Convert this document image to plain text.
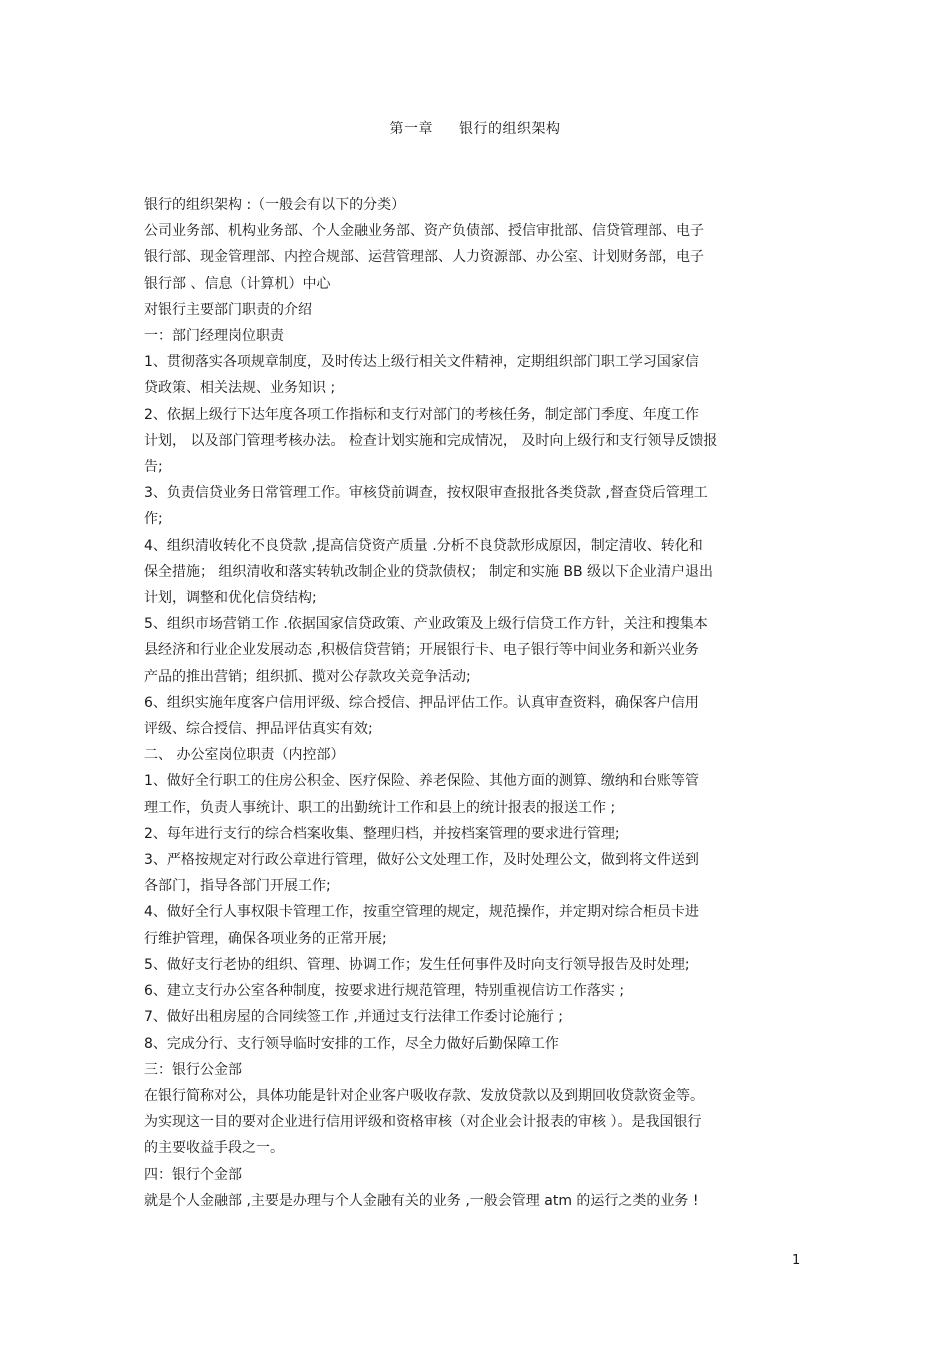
第一章 银行的组织架构
银行的组织架构 :（一般会有以下的分类）
公司业务部、机构业务部、个人金融业务部、资产负债部、授信审批部、信贷管理部、电子
银行部、现金管理部、内控合规部、运营管理部、人力资源部、办公室、计划财务部，电子
银行部 、信息（计算机）中心
对银行主要部门职责的介绍
一：部门经理岗位职责
1、贯彻落实各项规章制度，及时传达上级行相关文件精神，定期组织部门职工学习国家信
贷政策、相关法规、业务知识 ;
2、依据上级行下达年度各项工作指标和支行对部门的考核任务，制定部门季度、年度工作
计划， 以及部门管理考核办法。 检查计划实施和完成情况， 及时向上级行和支行领导反馈报
告;
3、负责信贷业务日常管理工作。审核贷前调查，按权限审查报批各类贷款 ,督查贷后管理工
作;
4、组织清收转化不良贷款 ,提高信贷资产质量 .分析不良贷款形成原因，制定清收、转化和
保全措施； 组织清收和落实转轨改制企业的贷款债权； 制定和实施 BB 级以下企业清户退出
计划，调整和优化信贷结构;
5、组织市场营销工作 .依据国家信贷政策、产业政策及上级行信贷工作方针，关注和搜集本
县经济和行业企业发展动态 ,积极信贷营销；开展银行卡、电子银行等中间业务和新兴业务
产品的推出营销；组织抓、揽对公存款攻关竞争活动;
6、组织实施年度客户信用评级、综合授信、押品评估工作。认真审查资料，确保客户信用
评级、综合授信、押品评估真实有效;
二、 办公室岗位职责（内控部）
1、做好全行职工的住房公积金、医疗保险、养老保险、其他方面的测算、缴纳和台账等管
理工作，负责人事统计、职工的出勤统计工作和县上的统计报表的报送工作 ;
2、每年进行支行的综合档案收集、整理归档，并按档案管理的要求进行管理;
3、严格按规定对行政公章进行管理，做好公文处理工作，及时处理公文，做到将文件送到
各部门，指导各部门开展工作;
4、做好全行人事权限卡管理工作，按重空管理的规定，规范操作，并定期对综合柜员卡进
行维护管理，确保各项业务的正常开展;
5、做好支行老协的组织、管理、协调工作；发生任何事件及时向支行领导报告及时处理;
6、建立支行办公室各种制度，按要求进行规范管理，特别重视信访工作落实 ;
7、做好出租房屋的合同续签工作 ,并通过支行法律工作委讨论施行 ;
8、完成分行、支行领导临时安排的工作，尽全力做好后勤保障工作
三：银行公金部
在银行简称对公，具体功能是针对企业客户吸收存款、发放贷款以及到期回收贷款资金等。
为实现这一目的要对企业进行信用评级和资格审核（对企业会计报表的审核 ）。是我国银行
的主要收益手段之一。
四：银行个金部
就是个人金融部 ,主要是办理与个人金融有关的业务 ,一般会管理 atm 的运行之类的业务 !
1
